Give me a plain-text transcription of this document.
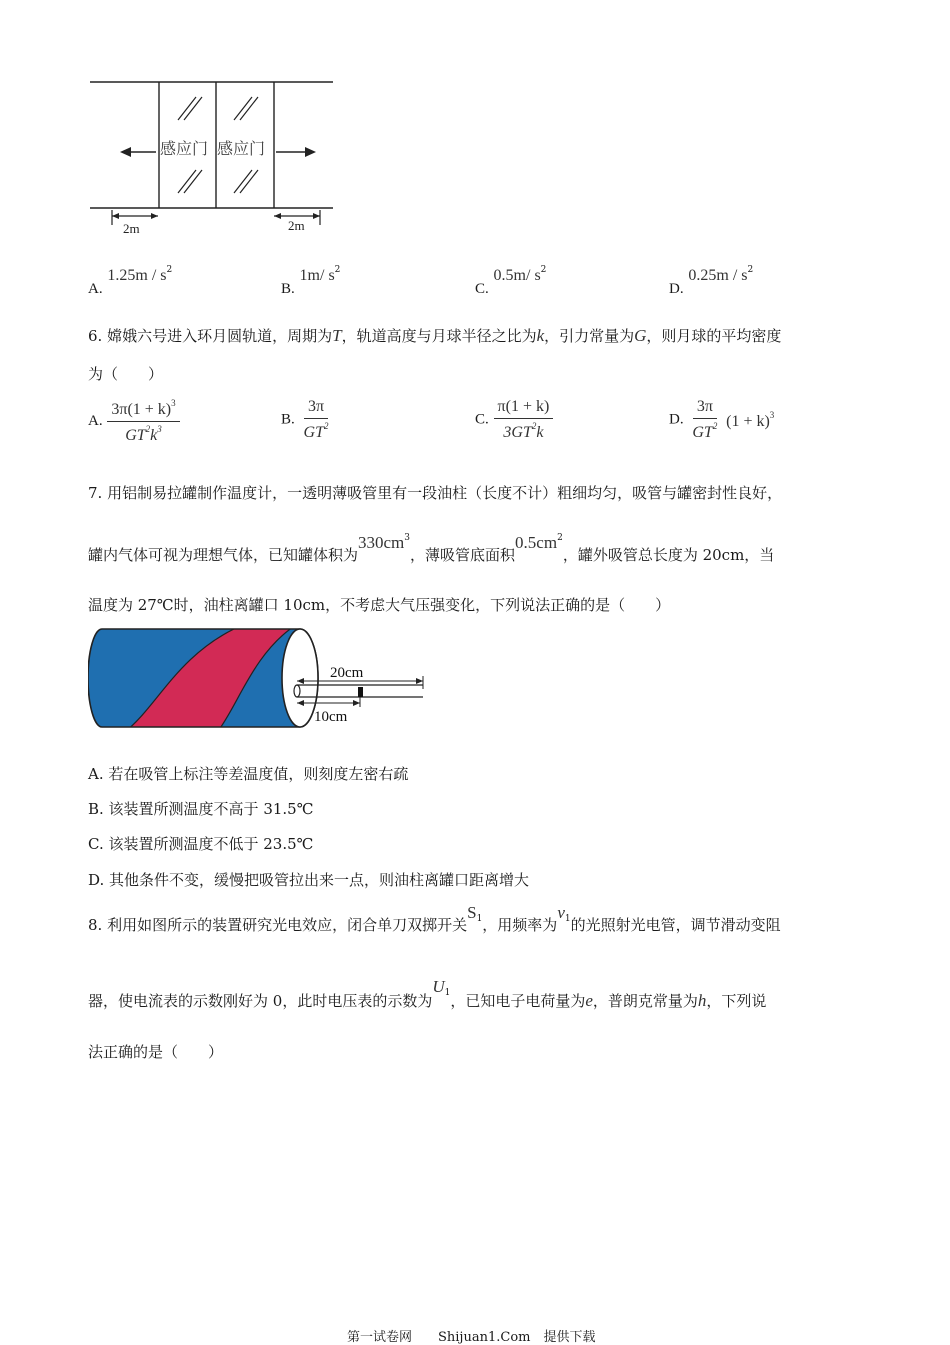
感应门 感应门
2m	2m
A. $1.25m / s^2$
B. 1m/ $s^2$
C. 0.5m/ $s^2$
D. $0.25m / s^2$
6. 嫦娥六号进入环月圆轨道，周期为T，轨道高度与月球半径之比为k，引力常量为G，则月球的平均密度
为（　　）
A. $\frac{3\pi(1 + k)^3}{GT^2k^3}$	B. $\frac{3\pi}{GT^2}$	C. $\frac{\pi(1 + k)}{3GT^2k}$	D. $\frac{3\pi}{GT^2} (1 + k)^3$
7. 用铝制易拉罐制作温度计，一透明薄吸管里有一段油柱（长度不计）粗细均匀，吸管与罐密封性良好，
罐内气体可视为理想气体，已知罐体积为$330cm^3$，薄吸管底面积$0.5cm^2$，罐外吸管总长度为 20cm，当
温度为 27℃时，油柱离罐口 10cm，不考虑大气压强变化，下列说法正确的是（　　）
20cm
10cm
A. 若在吸管上标注等差温度值，则刻度左密右疏
B. 该装置所测温度不高于 31.5℃
C. 该装置所测温度不低于 23.5℃
D. 其他条件不变，缓慢把吸管拉出来一点，则油柱离罐口距离增大
8. 利用如图所示的装置研究光电效应，闭合单刀双掷开关$S_1$，用频率为$v_1$的光照射光电管，调节滑动变阻
器，使电流表的示数刚好为 0，此时电压表的示数为$U_1$，已知电子电荷量为e，普朗克常量为h，下列说
法正确的是（　　）
第一试卷网　　Shijuan1.Com　提供下载
